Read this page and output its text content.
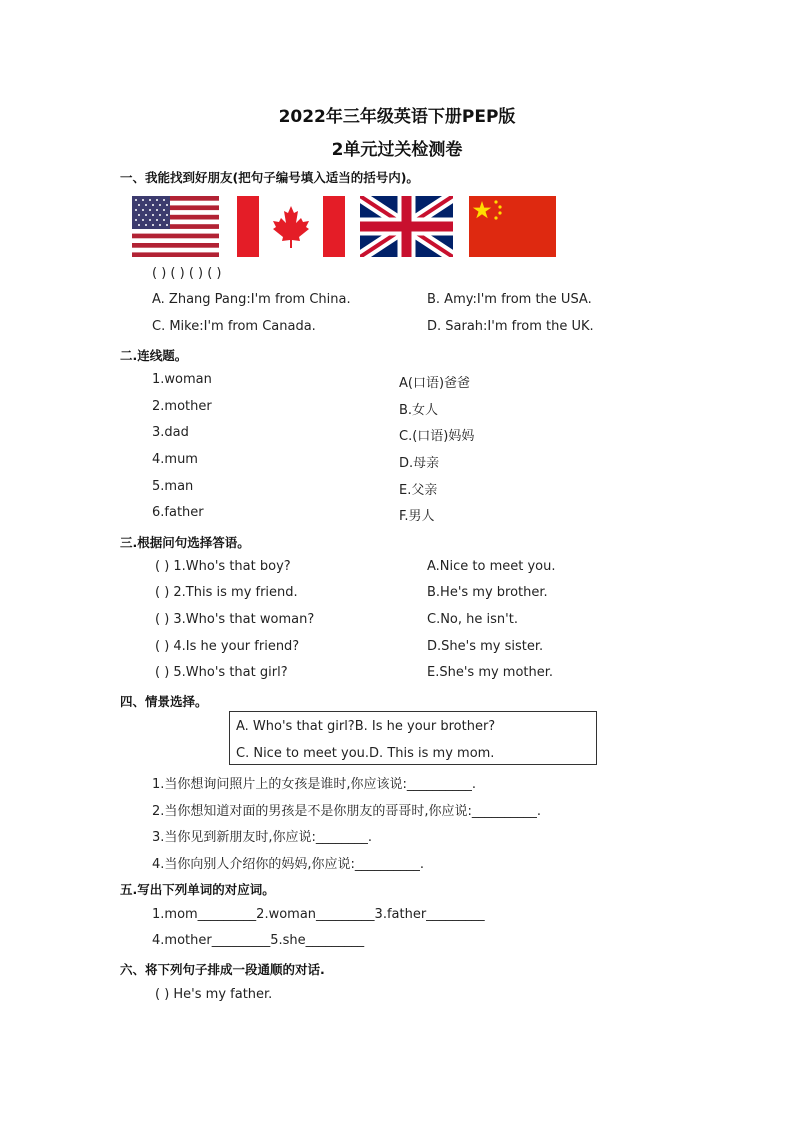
2022年三年级英语下册PEP版
2单元过关检测卷
一、我能找到好朋友(把句子编号填入适当的括号内)。
( ) ( ) ( ) ( )
A. Zhang Pang:I'm from China.	B. Amy:I'm from the USA.
C. Mike:I'm from Canada.	D. Sarah:I'm from the UK.
二.连线题。
1.woman
2.mother
3.dad
4.mum
5.man
6.father
A(口语)爸爸
B.女人
C.(口语)妈妈
D.母亲
E.父亲
F.男人
三.根据问句选择答语。
( ) 1.Who's that boy?
( ) 2.This is my friend.
( ) 3.Who's that woman?
( ) 4.Is he your friend?
( ) 5.Who's that girl?
A.Nice to meet you.
B.He's my brother.
C.No, he isn't.
D.She's my sister.
E.She's my mother.
四、情景选择。
A. Who's that girl?B. Is he your brother?
C. Nice to meet you.D. This is my mom.
1.当你想询问照片上的女孩是谁时,你应该说:__________.
2.当你想知道对面的男孩是不是你朋友的哥哥时,你应说:__________.
3.当你见到新朋友时,你应说:________.
4.当你向别人介绍你的妈妈,你应说:__________.
五.写出下列单词的对应词。
1.mom_________2.woman_________3.father_________
4.mother_________5.she_________
六、将下列句子排成一段通顺的对话.
( ) He's my father.
